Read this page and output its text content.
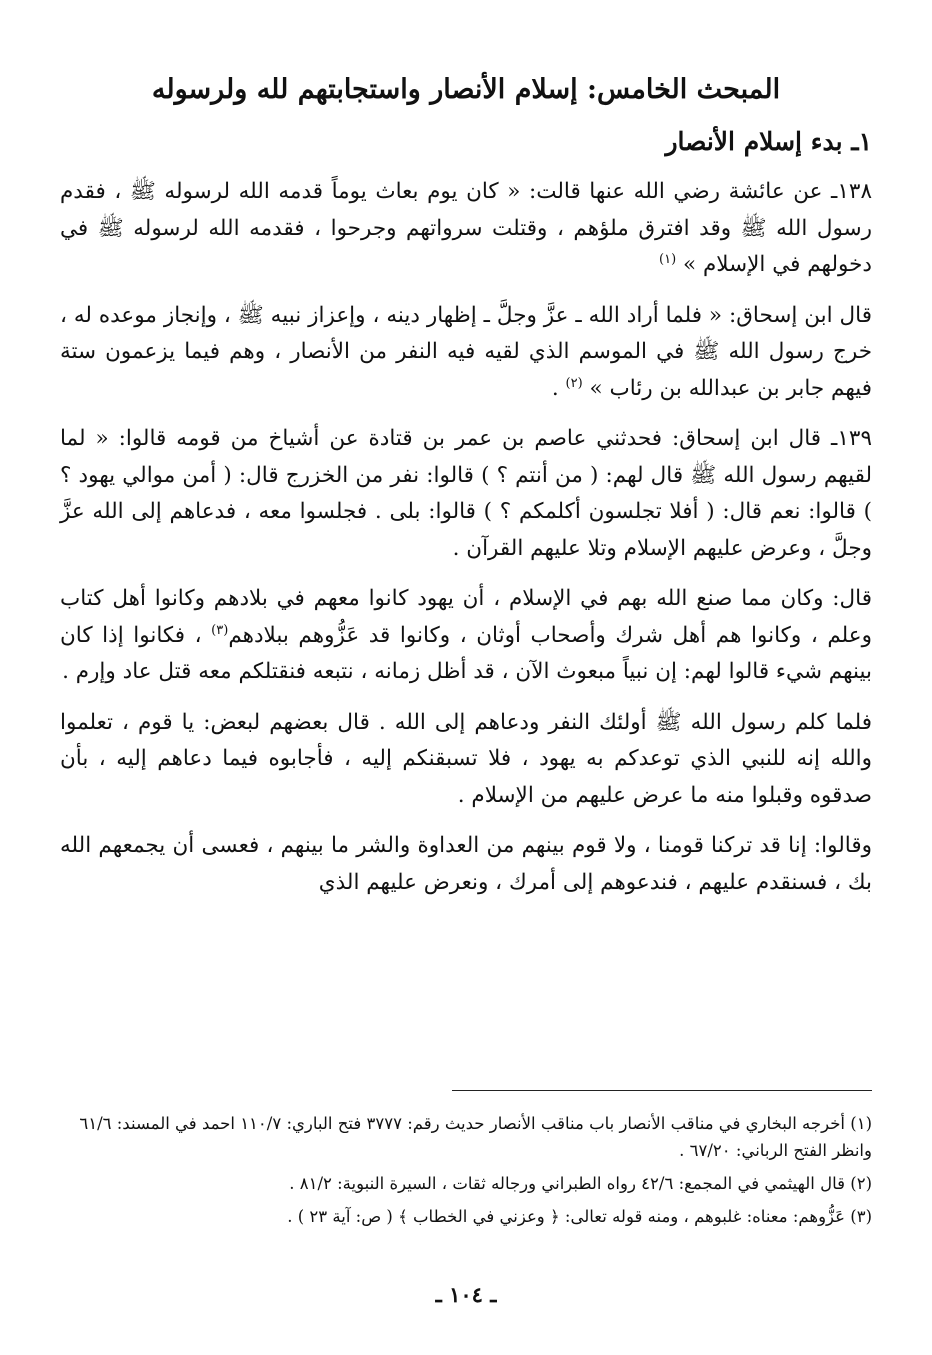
المبحث الخامس: إسلام الأنصار واستجابتهم لله ولرسوله
١ـ بدء إسلام الأنصار

١٣٨ـ عن عائشة رضي الله عنها قالت: « كان يوم بعاث يوماً قدمه الله لرسوله ﷺ ، فقدم رسول الله ﷺ وقد افترق ملؤهم ، وقتلت سرواتهم وجرحوا ، فقدمه الله لرسوله ﷺ في دخولهم في الإسلام » $^{(١)}$

قال ابن إسحاق: « فلما أراد الله ـ عزَّ وجلَّ ـ إظهار دينه ، وإعزاز نبيه ﷺ ، وإنجاز موعده له ، خرج رسول الله ﷺ في الموسم الذي لقيه فيه النفر من الأنصار ، وهم فيما يزعمون ستة فيهم جابر بن عبدالله بن رئاب » $^{(٢)}$ .

١٣٩ـ قال ابن إسحاق: فحدثني عاصم بن عمر بن قتادة عن أشياخ من قومه قالوا: « لما لقيهم رسول الله ﷺ قال لهم: ( من أنتم ؟ ) قالوا: نفر من الخزرج قال: ( أمن موالي يهود ؟ ) قالوا: نعم قال: ( أفلا تجلسون أكلمكم ؟ ) قالوا: بلى . فجلسوا معه ، فدعاهم إلى الله عزَّ وجلَّ ، وعرض عليهم الإسلام وتلا عليهم القرآن .

قال: وكان مما صنع الله بهم في الإسلام ، أن يهود كانوا معهم في بلادهم وكانوا أهل كتاب وعلم ، وكانوا هم أهل شرك وأصحاب أوثان ، وكانوا قد عَزُّوهم ببلادهم$^{(٣)}$ ، فكانوا إذا كان بينهم شيء قالوا لهم: إن نبياً مبعوث الآن ، قد أظل زمانه ، نتبعه فنقتلكم معه قتل عاد وإرم .

فلما كلم رسول الله ﷺ أولئك النفر ودعاهم إلى الله . قال بعضهم لبعض: يا قوم ، تعلموا والله إنه للنبي الذي توعدكم به يهود ، فلا تسبقنكم إليه ، فأجابوه فيما دعاهم إليه ، بأن صدقوه وقبلوا منه ما عرض عليهم من الإسلام .

وقالوا: إنا قد تركنا قومنا ، ولا قوم بينهم من العداوة والشر ما بينهم ، فعسى أن يجمعهم الله بك ، فسنقدم عليهم ، فندعوهم إلى أمرك ، ونعرض عليهم الذي

(١) أخرجه البخاري في مناقب الأنصار باب مناقب الأنصار حديث رقم: ٣٧٧٧ فتح الباري: ١١٠/٧ احمد في المسند: ٦١/٦ وانظر الفتح الرباني: ٦٧/٢٠ .

(٢) قال الهيثمي في المجمع: ٤٢/٦ رواه الطبراني ورجاله ثقات ، السيرة النبوية: ٨١/٢ .

(٣) عَزُّوهم: معناه: غلبوهم ، ومنه قوله تعالى: ﴿ وعزني في الخطاب ﴾ ( ص: آية ٢٣ ) .

ـ ١٠٤ ـ
